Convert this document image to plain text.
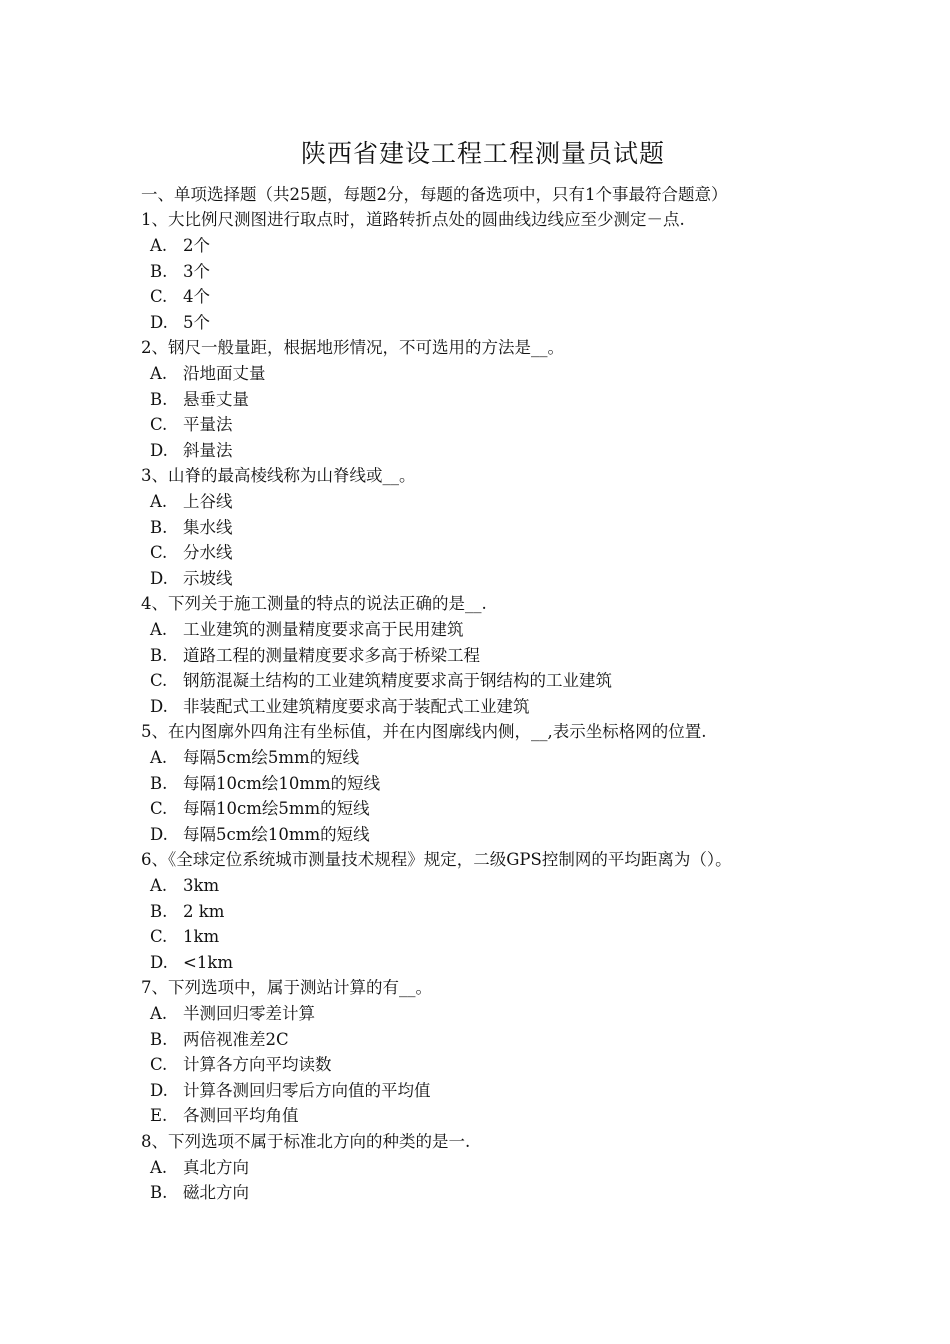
陕西省建设工程工程测量员试题
一、单项选择题（共25题，每题2分，每题的备选项中，只有1个事最符合题意）
1、大比例尺测图进行取点时，道路转折点处的圆曲线边线应至少测定－点.
A. 2个
B. 3个
C. 4个
D. 5个
2、钢尺一般量距，根据地形情况，不可选用的方法是__。
A. 沿地面丈量
B. 悬垂丈量
C. 平量法
D. 斜量法
3、山脊的最高棱线称为山脊线或__。
A. 上谷线
B. 集水线
C. 分水线
D. 示坡线
4、下列关于施工测量的特点的说法正确的是__.
A. 工业建筑的测量精度要求高于民用建筑
B. 道路工程的测量精度要求多高于桥梁工程
C. 钢筋混凝土结构的工业建筑精度要求高于钢结构的工业建筑
D. 非装配式工业建筑精度要求高于装配式工业建筑
5、在内图廓外四角注有坐标值，并在内图廓线内侧，__,表示坐标格网的位置.
A. 每隔5cm绘5mm的短线
B. 每隔10cm绘10mm的短线
C. 每隔10cm绘5mm的短线
D. 每隔5cm绘10mm的短线
6、《全球定位系统城市测量技术规程》规定，二级GPS控制网的平均距离为（）。
A. 3km
B. 2 km
C. 1km
D. <1km
7、下列选项中，属于测站计算的有__。
A. 半测回归零差计算
B. 两倍视准差2C
C. 计算各方向平均读数
D. 计算各测回归零后方向值的平均值
E. 各测回平均角值
8、下列选项不属于标准北方向的种类的是一.
A. 真北方向
B. 磁北方向
